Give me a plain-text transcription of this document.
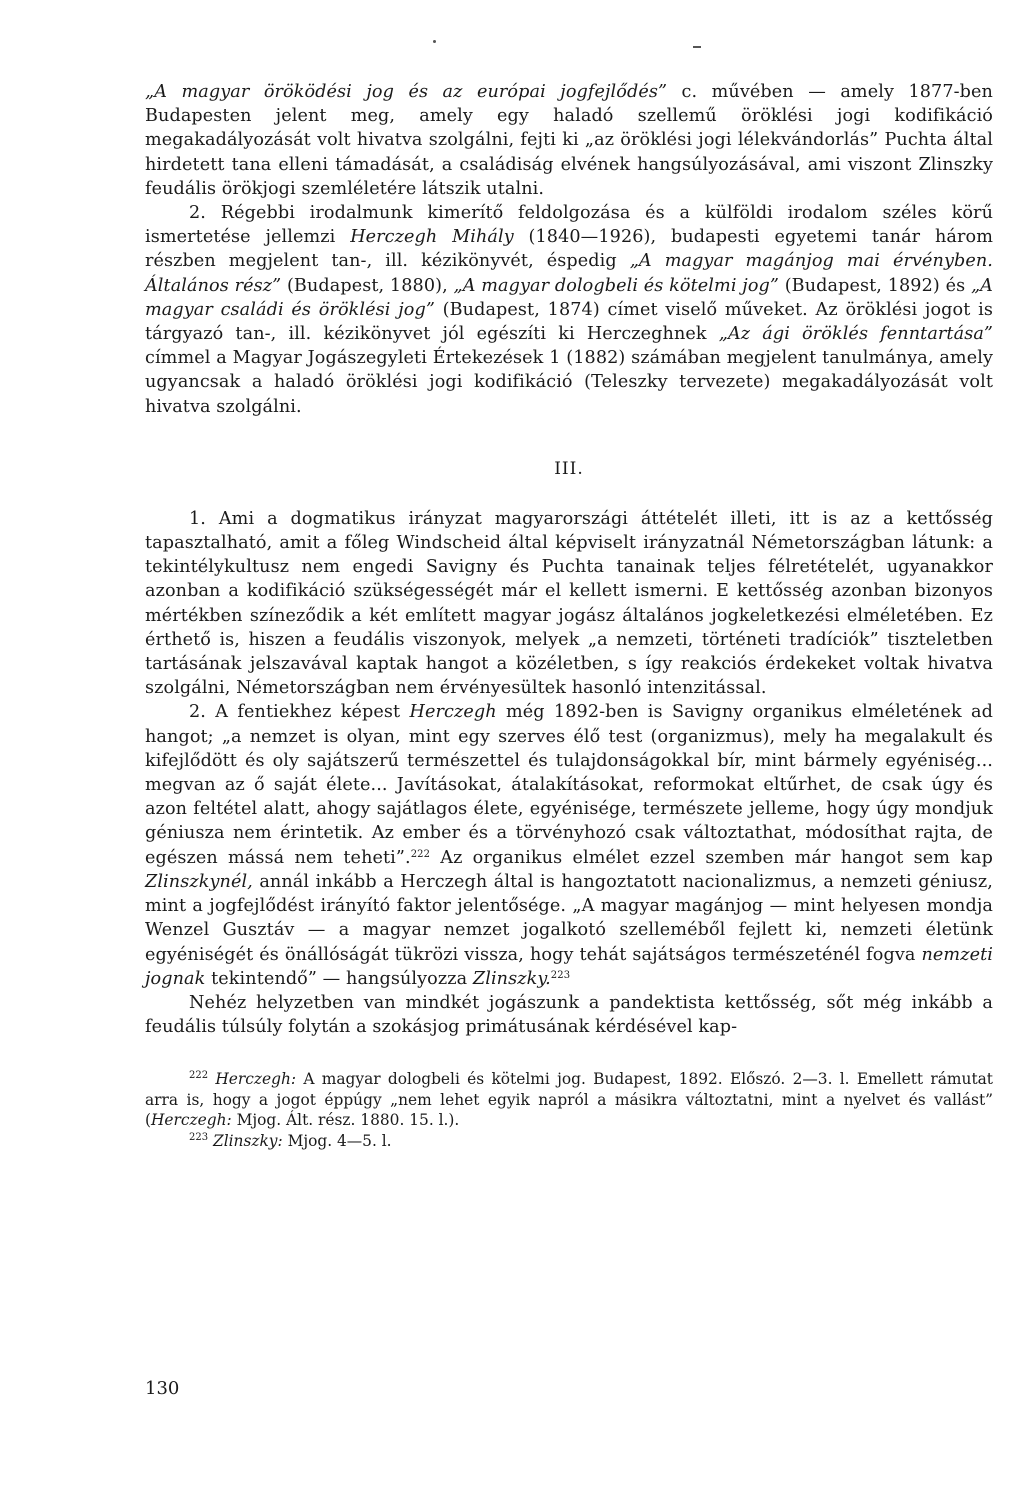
„A magyar öröködési jog és az európai jogfejlődés” c. művében — amely 1877-ben Budapesten jelent meg, amely egy haladó szellemű öröklési jogi kodifikáció megakadályozását volt hivatva szolgálni, fejti ki „az öröklési jogi lélekvándorlás” Puchta által hirdetett tana elleni támadását, a családiság elvének hangsúlyozásával, ami viszont Zlinszky feudális örökjogi szemléletére látszik utalni.

2. Régebbi irodalmunk kimerítő feldolgozása és a külföldi irodalom széles körű ismertetése jellemzi Herczegh Mihály (1840—1926), budapesti egyetemi tanár három részben megjelent tan-, ill. kézikönyvét, éspedig „A magyar magánjog mai érvényben. Általános rész” (Budapest, 1880), „A magyar dologbeli és kötelmi jog” (Budapest, 1892) és „A magyar családi és öröklési jog” (Budapest, 1874) címet viselő műveket. Az öröklési jogot is tárgyazó tan-, ill. kézikönyvet jól egészíti ki Herczeghnek „Az ági öröklés fenntartása” címmel a Magyar Jogászegyleti Értekezések 1 (1882) számában megjelent tanulmánya, amely ugyancsak a haladó öröklési jogi kodifikáció (Teleszky tervezete) megakadályozását volt hivatva szolgálni.

III.

1. Ami a dogmatikus irányzat magyarországi áttételét illeti, itt is az a kettősség tapasztalható, amit a főleg Windscheid által képviselt irányzatnál Németországban látunk: a tekintélykultusz nem engedi Savigny és Puchta tanainak teljes félretételét, ugyanakkor azonban a kodifikáció szükségességét már el kellett ismerni. E kettősség azonban bizonyos mértékben színeződik a két említett magyar jogász általános jogkeletkezési elméletében. Ez érthető is, hiszen a feudális viszonyok, melyek „a nemzeti, történeti tradíciók” tiszteletben tartásának jelszavával kaptak hangot a közéletben, s így reakciós érdekeket voltak hivatva szolgálni, Németországban nem érvényesültek hasonló intenzitással.

2. A fentiekhez képest Herczegh még 1892-ben is Savigny organikus elméletének ad hangot; „a nemzet is olyan, mint egy szerves élő test (organizmus), mely ha megalakult és kifejlődött és oly sajátszerű természettel és tulajdonságokkal bír, mint bármely egyéniség... megvan az ő saját élete... Javításokat, átalakításokat, reformokat eltűrhet, de csak úgy és azon feltétel alatt, ahogy sajátlagos élete, egyénisége, természete jelleme, hogy úgy mondjuk géniusza nem érintetik. Az ember és a törvényhozó csak változtathat, módosíthat rajta, de egészen mássá nem teheti”.$^{222}$ Az organikus elmélet ezzel szemben már hangot sem kap Zlinszkynél, annál inkább a Herczegh által is hangoztatott nacionalizmus, a nemzeti géniusz, mint a jogfejlődést irányító faktor jelentősége. „A magyar magánjog — mint helyesen mondja Wenzel Gusztáv — a magyar nemzet jogalkotó szelleméből fejlett ki, nemzeti életünk egyéniségét és önállóságát tükrözi vissza, hogy tehát sajátságos természeténél fogva nemzeti jognak tekintendő” — hangsúlyozza Zlinszky.$^{223}$

Nehéz helyzetben van mindkét jogászunk a pandektista kettősség, sőt még inkább a feudális túlsúly folytán a szokásjog primátusának kérdésével kap-

$^{222}$ Herczegh: A magyar dologbeli és kötelmi jog. Budapest, 1892. Előszó. 2—3. l. Emellett rámutat arra is, hogy a jogot éppúgy „nem lehet egyik napról a másikra változtatni, mint a nyelvet és vallást” (Herczegh: Mjog. Ált. rész. 1880. 15. l.).

$^{223}$ Zlinszky: Mjog. 4—5. l.

130
